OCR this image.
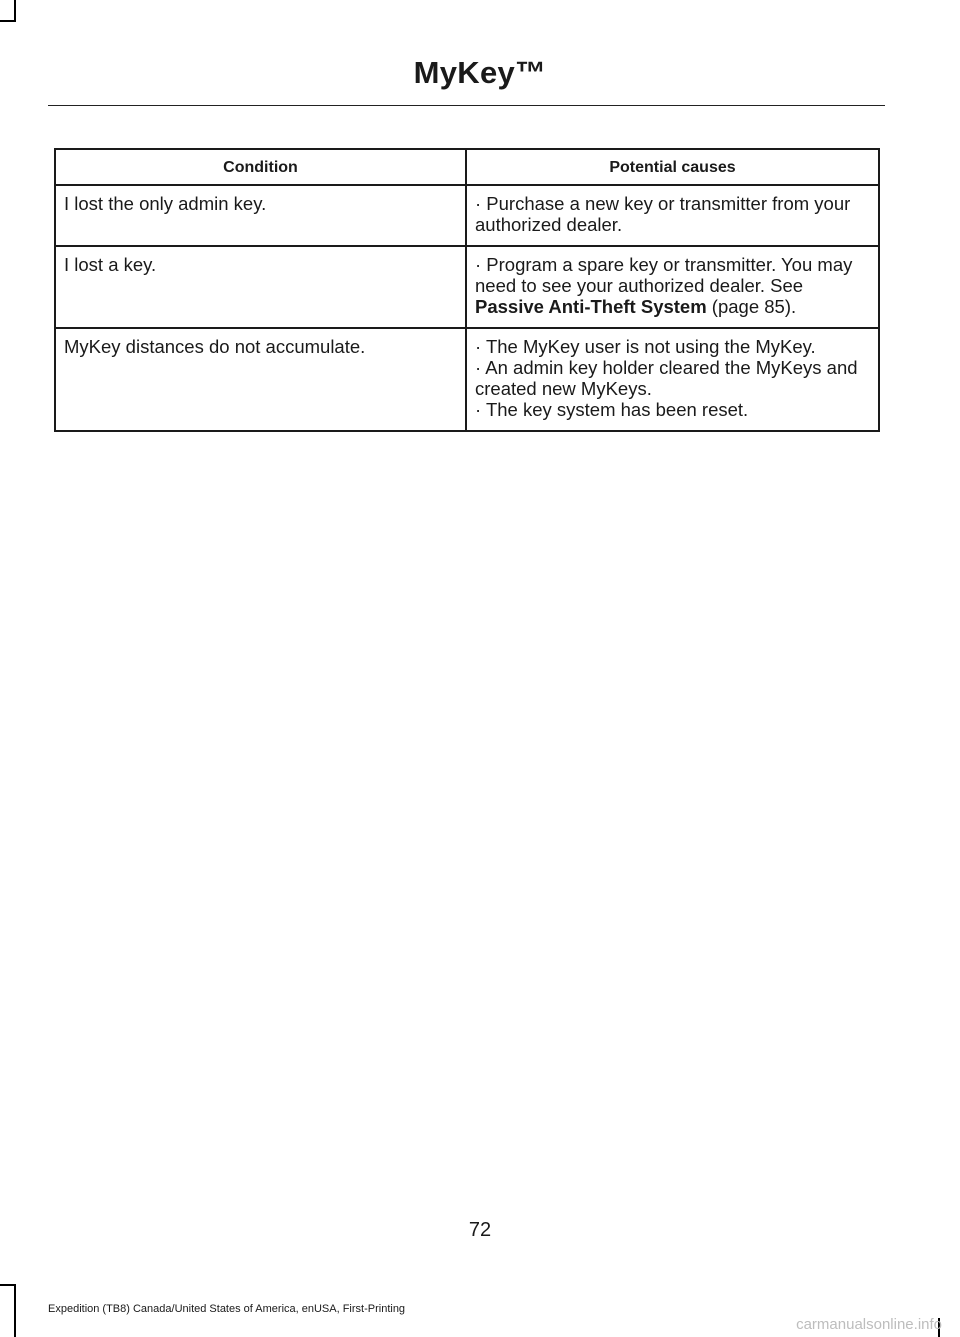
MyKey™
Condition	Potential causes
I lost the only admin key.	· Purchase a new key or transmitter from your authorized dealer.

I lost a key.	· Program a spare key or transmitter. You may need to see your authorized dealer. See Passive Anti-Theft System (page 85).
MyKey distances do not accumulate.	· The MyKey user is not using the MyKey.
· An admin key holder cleared the MyKeys and created new MyKeys.
· The key system has been reset.
72
Expedition (TB8) Canada/United States of America, enUSA, First-Printing
carmanualsonline.info
